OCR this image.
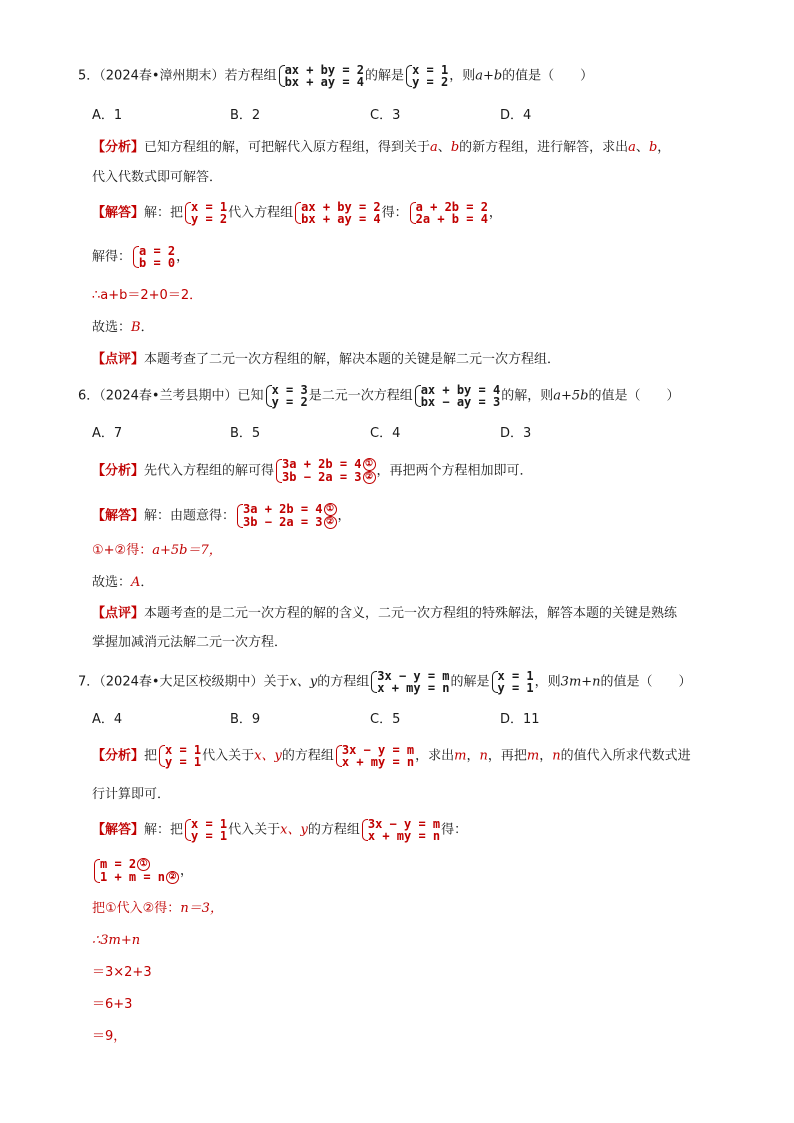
5．（2024春•漳州期末）若方程组 ax + by = 2
bx + ay = 4 的解是 x = 1
y = 2 ，则a+b的值是（　　）
A．1	B．2	C．3	D．4
【分析】已知方程组的解，可把解代入原方程组，得到关于a、b的新方程组，进行解答，求出a、b，
代入代数式即可解答．
【解答】解：把 x = 1
y = 2 代入方程组 ax + by = 2
bx + ay = 4 得： a + 2b = 2
2a + b = 4 ，
解得： a = 2
b = 0 ，
∴a+b＝2+0＝2．
故选：B．
【点评】本题考查了二元一次方程组的解，解决本题的关键是解二元一次方程组．
6．（2024春•兰考县期中）已知 x = 3
y = 2 是二元一次方程组 ax + by = 4
bx − ay = 3 的解，则a+5b的值是（　　）
A．7	B．5	C．4	D．3
【分析】先代入方程组的解可得 3a + 2b = 4 ①
3b − 2a = 3 ② ，再把两个方程相加即可．
【解答】解：由题意得： 3a + 2b = 4 ①
3b − 2a = 3 ② ，
①+②得：a+5b＝7，
故选：A．
【点评】本题考查的是二元一次方程的解的含义，二元一次方程组的特殊解法，解答本题的关键是熟练
掌握加减消元法解二元一次方程．
7．（2024春•大足区校级期中）关于x、y的方程组 3x − y = m
x + my = n 的解是 x = 1
y = 1 ，则3m+n的值是（　　）
A．4	B．9	C．5	D．11
【分析】把 x = 1
y = 1 代入关于x、y的方程组 3x − y = m
x + my = n ，求出m，n，再把m，n的值代入所求代数式进
行计算即可．
【解答】解：把 x = 1
y = 1 代入关于x、y的方程组 3x − y = m
x + my = n 得：
m = 2 ①
1 + m = n ② ，
把①代入②得：n＝3，
∴3m+n
＝3×2+3
＝6+3
＝9，
